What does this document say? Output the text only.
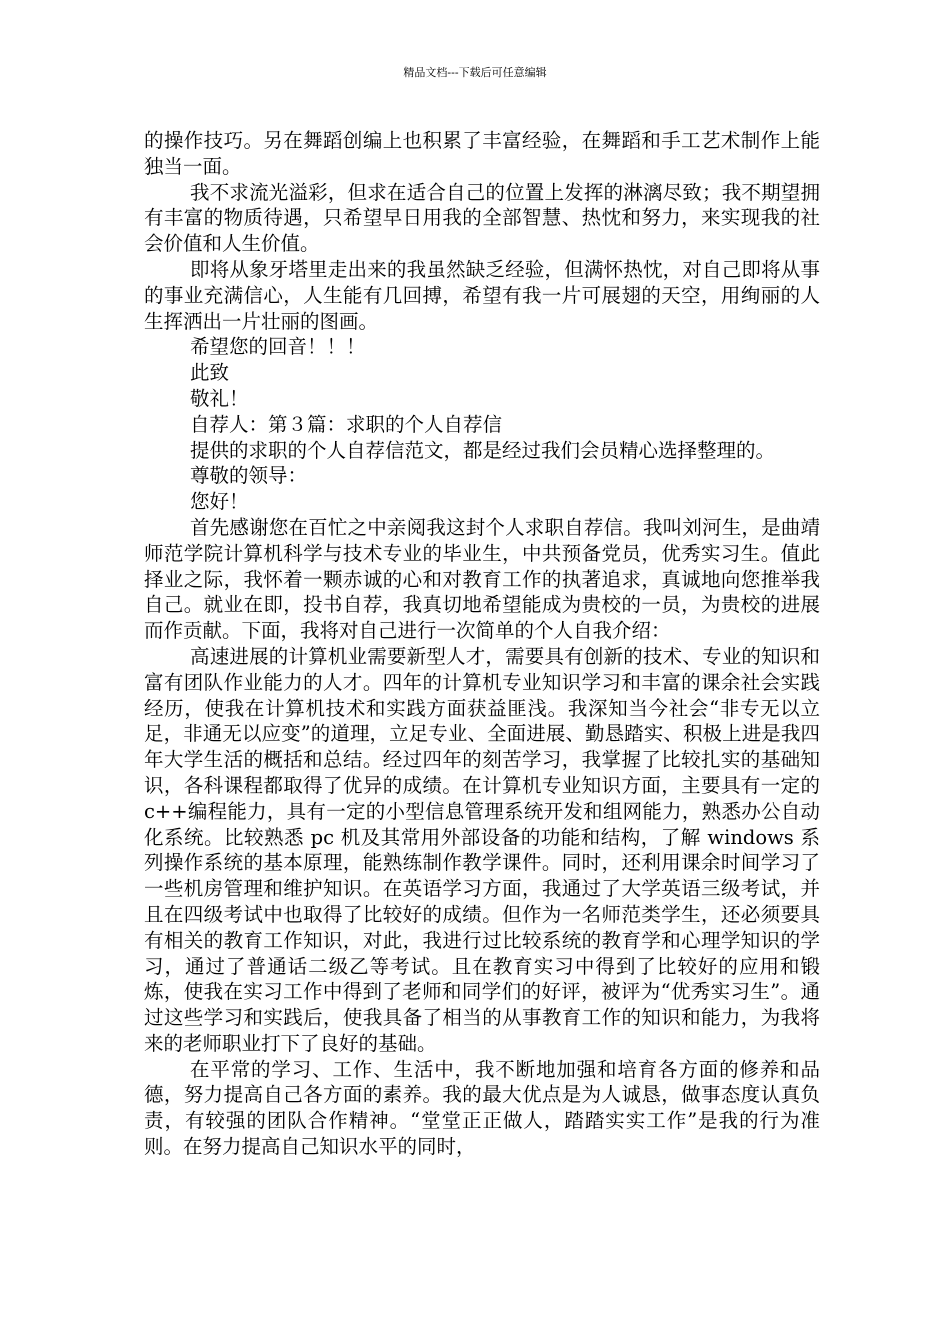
精品文档---下载后可任意编辑

的操作技巧。另在舞蹈创编上也积累了丰富经验，在舞蹈和手工艺术制作上能独当一面。

我不求流光溢彩，但求在适合自己的位置上发挥的淋漓尽致；我不期望拥有丰富的物质待遇，只希望早日用我的全部智慧、热忱和努力，来实现我的社会价值和人生价值。

即将从象牙塔里走出来的我虽然缺乏经验，但满怀热忱，对自己即将从事的事业充满信心，人生能有几回搏，希望有我一片可展翅的天空，用绚丽的人生挥洒出一片壮丽的图画。

希望您的回音！！！

此致

敬礼！

自荐人：第３篇：求职的个人自荐信

提供的求职的个人自荐信范文，都是经过我们会员精心选择整理的。

尊敬的领导：

您好！

首先感谢您在百忙之中亲阅我这封个人求职自荐信。我叫刘河生，是曲靖师范学院计算机科学与技术专业的毕业生，中共预备党员，优秀实习生。值此择业之际，我怀着一颗赤诚的心和对教育工作的执著追求，真诚地向您推举我自己。就业在即，投书自荐，我真切地希望能成为贵校的一员，为贵校的进展而作贡献。下面，我将对自己进行一次简单的个人自我介绍：

高速进展的计算机业需要新型人才，需要具有创新的技术、专业的知识和富有团队作业能力的人才。四年的计算机专业知识学习和丰富的课余社会实践经历，使我在计算机技术和实践方面获益匪浅。我深知当今社会“非专无以立足，非通无以应变”的道理，立足专业、全面进展、勤恳踏实、积极上进是我四年大学生活的概括和总结。经过四年的刻苦学习，我掌握了比较扎实的基础知识，各科课程都取得了优异的成绩。在计算机专业知识方面，主要具有一定的 c++编程能力，具有一定的小型信息管理系统开发和组网能力，熟悉办公自动化系统。比较熟悉 pc 机及其常用外部设备的功能和结构，了解 windows 系列操作系统的基本原理，能熟练制作教学课件。同时，还利用课余时间学习了一些机房管理和维护知识。在英语学习方面，我通过了大学英语三级考试，并且在四级考试中也取得了比较好的成绩。但作为一名师范类学生，还必须要具有相关的教育工作知识，对此，我进行过比较系统的教育学和心理学知识的学习，通过了普通话二级乙等考试。且在教育实习中得到了比较好的应用和锻炼，使我在实习工作中得到了老师和同学们的好评，被评为“优秀实习生”。通过这些学习和实践后，使我具备了相当的从事教育工作的知识和能力，为我将来的老师职业打下了良好的基础。

在平常的学习、工作、生活中，我不断地加强和培育各方面的修养和品德，努力提高自己各方面的素养。我的最大优点是为人诚恳，做事态度认真负责，有较强的团队合作精神。“堂堂正正做人，踏踏实实工作”是我的行为准则。在努力提高自己知识水平的同时，
